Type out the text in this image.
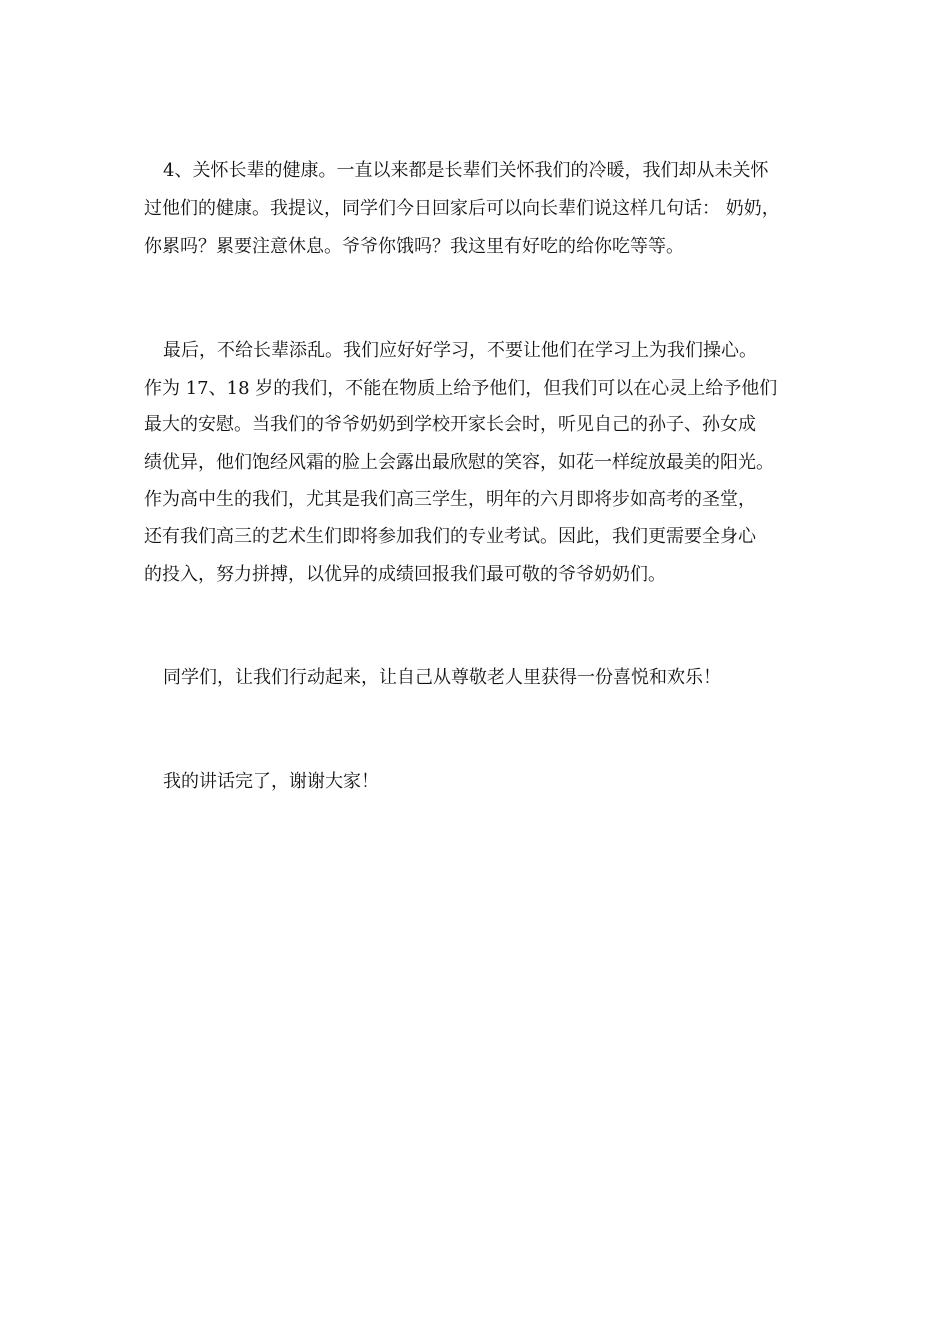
4、关怀长辈的健康。一直以来都是长辈们关怀我们的冷暖，我们却从未关怀

过他们的健康。我提议，同学们今日回家后可以向长辈们说这样几句话： 奶奶，

你累吗？累要注意休息。爷爷你饿吗？我这里有好吃的给你吃等等。

最后，不给长辈添乱。我们应好好学习，不要让他们在学习上为我们操心。

作为 17、18 岁的我们，不能在物质上给予他们，但我们可以在心灵上给予他们

最大的安慰。当我们的爷爷奶奶到学校开家长会时，听见自己的孙子、孙女成

绩优异，他们饱经风霜的脸上会露出最欣慰的笑容，如花一样绽放最美的阳光。

作为高中生的我们，尤其是我们高三学生，明年的六月即将步如高考的圣堂，

还有我们高三的艺术生们即将参加我们的专业考试。因此，我们更需要全身心

的投入，努力拼搏，以优异的成绩回报我们最可敬的爷爷奶奶们。

同学们，让我们行动起来，让自己从尊敬老人里获得一份喜悦和欢乐！

我的讲话完了，谢谢大家！
